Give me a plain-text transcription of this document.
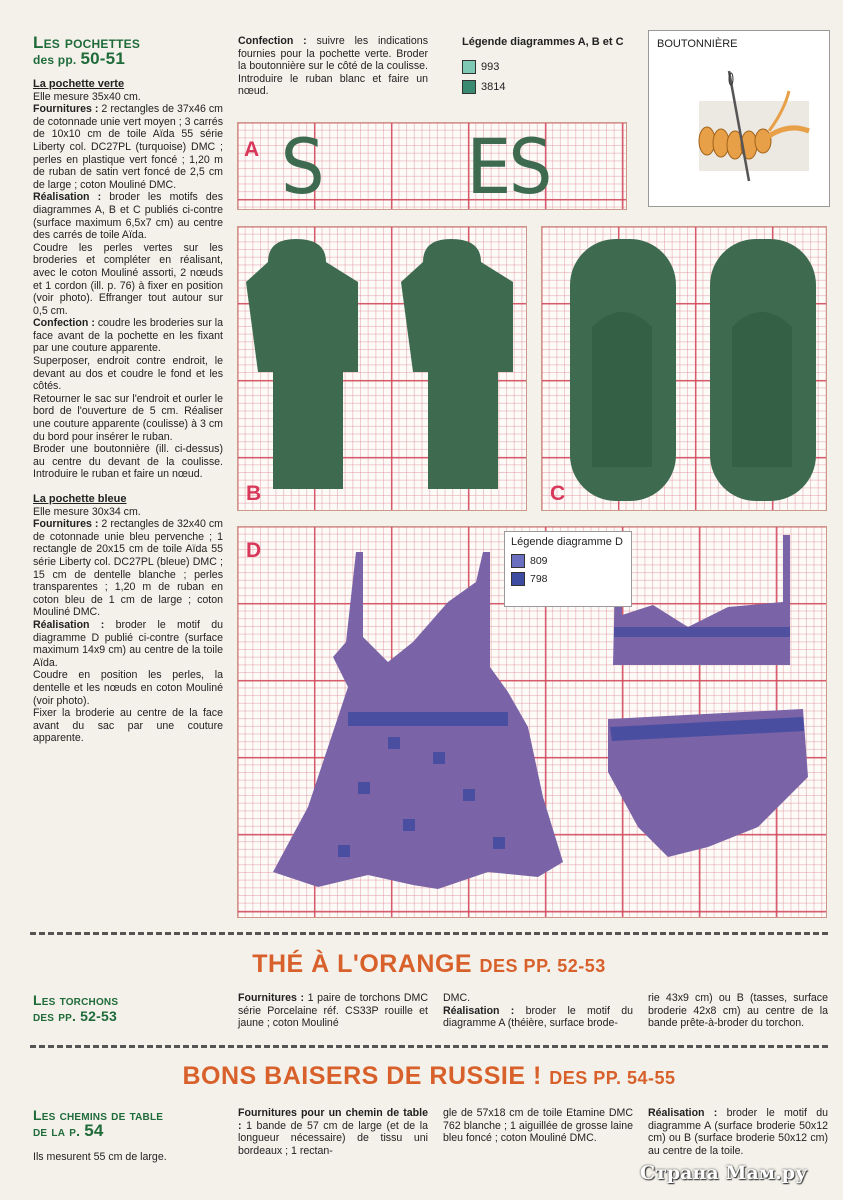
Les pochettes
des pp. 50-51
La pochette verte

Elle mesure 35x40 cm.

Fournitures : 2 rectangles de 37x46 cm de cotonnade unie vert moyen ; 3 carrés de 10x10 cm de toile Aïda 55 série Liberty col. DC27PL (turquoise) DMC ; perles en plastique vert foncé ; 1,20 m de ruban de satin vert foncé de 2,5 cm de large ; coton Mouliné DMC.

Réalisation : broder les motifs des diagrammes A, B et C publiés ci-contre (surface maximum 6,5x7 cm) au centre des carrés de toile Aïda.

Coudre les perles vertes sur les broderies et compléter en réalisant, avec le coton Mouliné assorti, 2 nœuds et 1 cordon (ill. p. 76) à fixer en position (voir photo). Effranger tout autour sur 0,5 cm.

Confection : coudre les broderies sur la face avant de la pochette en les fixant par une couture apparente.

Superposer, endroit contre endroit, le devant au dos et coudre le fond et les côtés.

Retourner le sac sur l'endroit et ourler le bord de l'ouverture de 5 cm. Réaliser une couture apparente (coulisse) à 3 cm du bord pour insérer le ruban.

Broder une boutonnière (ill. ci-dessus) au centre du devant de la coulisse. Introduire le ruban et faire un nœud.

La pochette bleue

Elle mesure 30x34 cm.

Fournitures : 2 rectangles de 32x40 cm de cotonnade unie bleu pervenche ; 1 rectangle de 20x15 cm de toile Aïda 55 série Liberty col. DC27PL (bleue) DMC ; 15 cm de dentelle blanche ; perles transparentes ; 1,20 m de ruban en coton bleu de 1 cm de large ; coton Mouliné DMC.

Réalisation : broder le motif du diagramme D publié ci-contre (surface maximum 14x9 cm) au centre de la toile Aïda.

Coudre en position les perles, la dentelle et les nœuds en coton Mouliné (voir photo).

Fixer la broderie au centre de la face avant du sac par une couture apparente.

Confection : suivre les indications fournies pour la pochette verte. Broder la boutonnière sur le côté de la coulisse. Introduire le ruban blanc et faire un nœud.

Légende diagrammes A, B et C
993
3814
BOUTONNIÈRE
A S ES
B	C
D	Légende diagramme D
809
798
THÉ À L'ORANGE DES PP. 52-53
Les torchons
des pp. 52-53

Fournitures : 1 paire de torchons DMC série Porcelaine réf. CS33P rouille et jaune ; coton Mouliné

DMC.

Réalisation : broder le motif du diagramme A (théière, surface brode-

rie 43x9 cm) ou B (tasses, surface broderie 42x8 cm) au centre de la bande prête-à-broder du torchon.

BONS BAISERS DE RUSSIE ! DES PP. 54-55
Les chemins de table
de la p. 54
Ils mesurent 55 cm de large.

Fournitures pour un chemin de table : 1 bande de 57 cm de large (et de la longueur nécessaire) de tissu uni bordeaux ; 1 rectan-

gle de 57x18 cm de toile Etamine DMC 762 blanche ; 1 aiguillée de grosse laine bleu foncé ; coton Mouliné DMC.

Réalisation : broder le motif du diagramme A (surface broderie 50x12 cm) ou B (surface broderie 50x12 cm) au centre de la toile.

Страна Мам.ру
